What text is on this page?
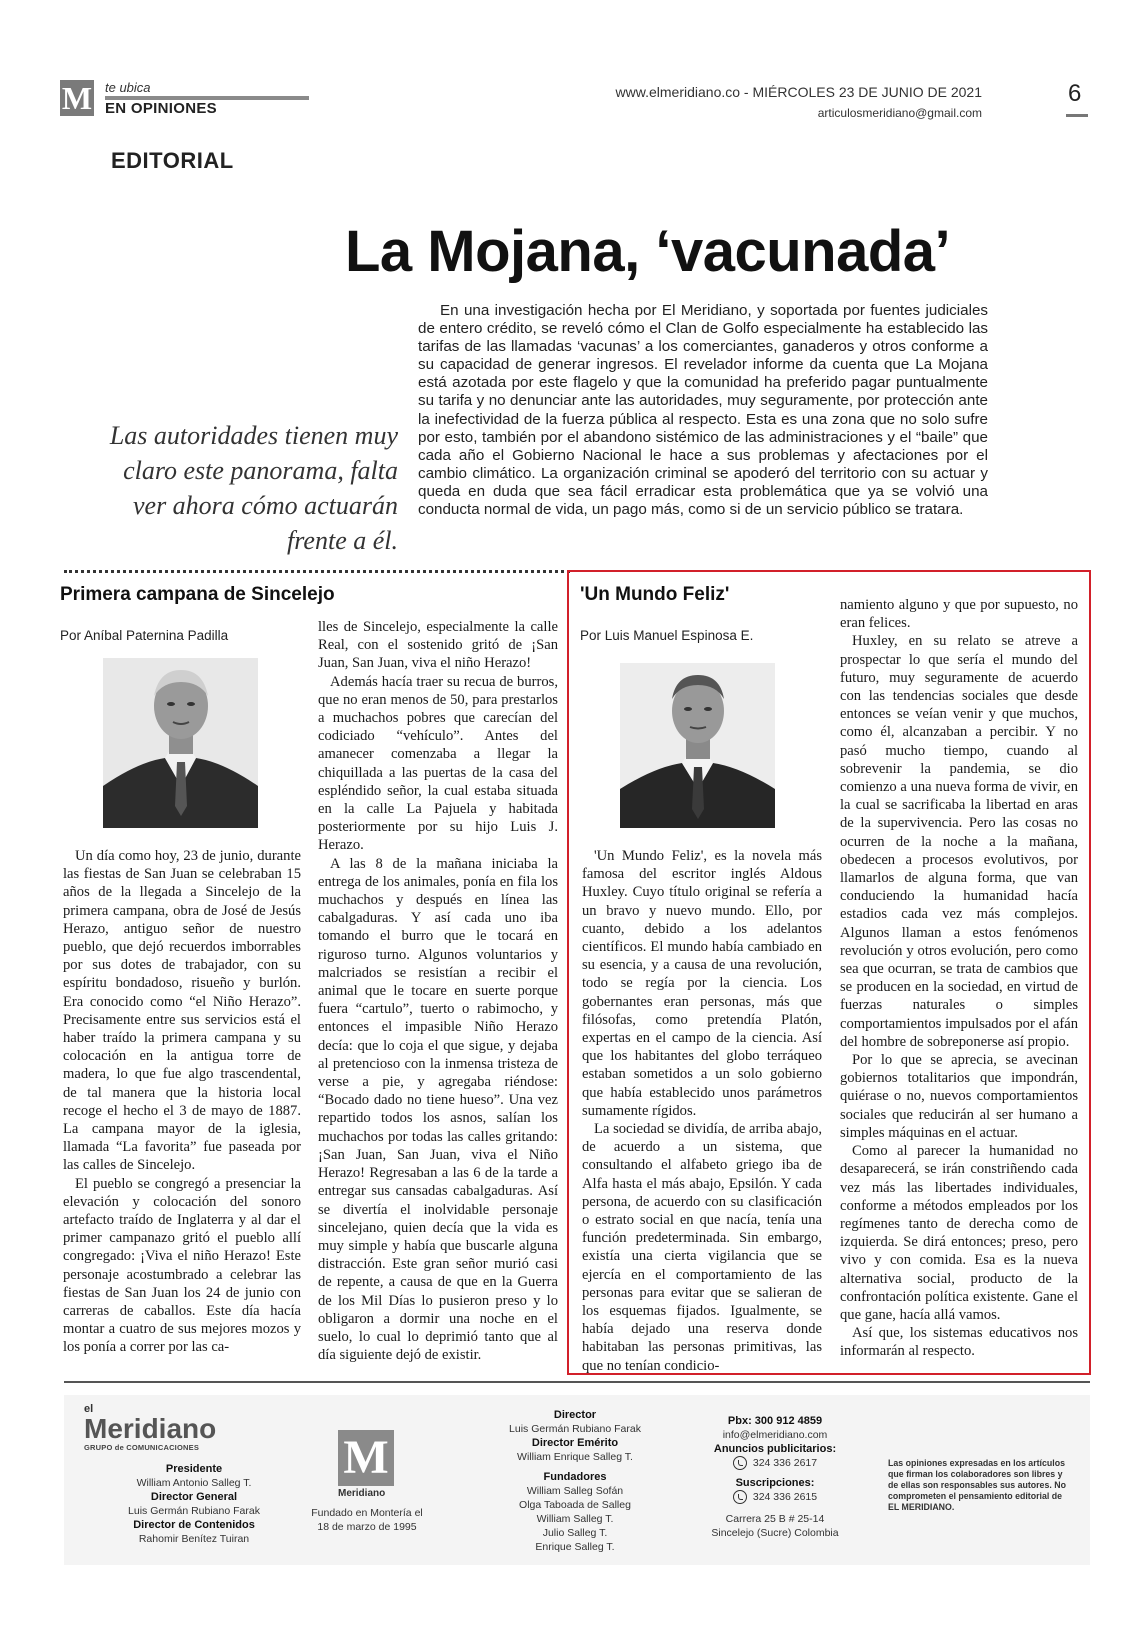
M te ubica
EN OPINIONES
www.elmeridiano.co - MIÉRCOLES 23 DE JUNIO DE 2021
articulosmeridiano@gmail.com
6
EDITORIAL
La Mojana, ‘vacunada’
Las autoridades tienen muy claro este panorama, falta ver ahora cómo actuarán frente a él.
En una investigación hecha por El Meridiano, y soportada por fuentes judiciales de entero crédito, se reveló cómo el Clan de Golfo especialmente ha establecido las tarifas de las llamadas ‘vacunas’ a los comerciantes, ganaderos y otros conforme a su capacidad de generar ingresos. El revelador informe da cuenta que La Mojana está azotada por este flagelo y que la comunidad ha preferido pagar puntualmente su tarifa y no denunciar ante las autoridades, muy seguramente, por protección ante la inefectividad de la fuerza pública al respecto. Esta es una zona que no solo sufre por esto, también por el abandono sistémico de las administraciones y el “baile” que cada año el Gobierno Nacional le hace a sus problemas y afectaciones por el cambio climático. La organización criminal se apoderó del territorio con su actuar y queda en duda que sea fácil erradicar esta problemática que ya se volvió una conducta normal de vida, un pago más, como si de un servicio público se tratara.
Primera campana de Sincelejo
Por Aníbal Paternina Padilla

Un día como hoy, 23 de junio, durante las fiestas de San Juan se celebraban 15 años de la llegada a Sincelejo de la primera campana, obra de José de Jesús Herazo, antiguo señor de nuestro pueblo, que dejó recuerdos imborrables por sus dotes de trabajador, con su espíritu bondadoso, risueño y burlón. Era conocido como “el Niño Herazo”. Precisamente entre sus servicios está el haber traído la primera campana y su colocación en la antigua torre de madera, lo que fue algo trascendental, de tal manera que la historia local recoge el hecho el 3 de mayo de 1887. La campana mayor de la iglesia, llamada “La favorita” fue paseada por las calles de Sincelejo.

El pueblo se congregó a presenciar la elevación y colocación del sonoro artefacto traído de Inglaterra y al dar el primer campanazo gritó el pueblo allí congregado: ¡Viva el niño Herazo! Este personaje acostumbrado a celebrar las fiestas de San Juan los 24 de junio con carreras de caballos. Este día hacía montar a cuatro de sus mejores mozos y los ponía a correr por las ca-

lles de Sincelejo, especialmente la calle Real, con el sostenido gritó de ¡San Juan, San Juan, viva el niño Herazo!

Además hacía traer su recua de burros, que no eran menos de 50, para prestarlos a muchachos pobres que carecían del codiciado “vehículo”. Antes del amanecer comenzaba a llegar la chiquillada a las puertas de la casa del espléndido señor, la cual estaba situada en la calle La Pajuela y habitada posteriormente por su hijo Luis J. Herazo.

A las 8 de la mañana iniciaba la entrega de los animales, ponía en fila los muchachos y después en línea las cabalgaduras. Y así cada uno iba tomando el burro que le tocará en riguroso turno. Algunos voluntarios y malcriados se resistían a recibir el animal que le tocare en suerte porque fuera “cartulo”, tuerto o rabimocho, y entonces el impasible Niño Herazo decía: que lo coja el que sigue, y dejaba al pretencioso con la inmensa tristeza de verse a pie, y agregaba riéndose: “Bocado dado no tiene hueso”. Una vez repartido todos los asnos, salían los muchachos por todas las calles gritando: ¡San Juan, San Juan, viva el Niño Herazo! Regresaban a las 6 de la tarde a entregar sus cansadas cabalgaduras. Así se divertía el inolvidable personaje sincelejano, quien decía que la vida es muy simple y había que buscarle alguna distracción. Este gran señor murió casi de repente, a causa de que en la Guerra de los Mil Días lo pusieron preso y lo obligaron a dormir una noche en el suelo, lo cual lo deprimió tanto que al día siguiente dejó de existir.

'Un Mundo Feliz'
Por Luis Manuel Espinosa E.

'Un Mundo Feliz', es la novela más famosa del escritor inglés Aldous Huxley. Cuyo título original se refería a un bravo y nuevo mundo. Ello, por cuanto, debido a los adelantos científicos. El mundo había cambiado en su esencia, y a causa de una revolución, todo se regía por la ciencia. Los gobernantes eran personas, más que filósofas, como pretendía Platón, expertas en el campo de la ciencia. Así que los habitantes del globo terráqueo estaban sometidos a un solo gobierno que había establecido unos parámetros sumamente rígidos.

La sociedad se dividía, de arriba abajo, de acuerdo a un sistema, que consultando el alfabeto griego iba de Alfa hasta el más abajo, Epsilón. Y cada persona, de acuerdo con su clasificación o estrato social en que nacía, tenía una función predeterminada. Sin embargo, existía una cierta vigilancia que se ejercía en el comportamiento de las personas para evitar que se salieran de los esquemas fijados. Igualmente, se había dejado una reserva donde habitaban las personas primitivas, las que no tenían condicio-

namiento alguno y que por supuesto, no eran felices.

Huxley, en su relato se atreve a prospectar lo que sería el mundo del futuro, muy seguramente de acuerdo con las tendencias sociales que desde entonces se veían venir y que muchos, como él, alcanzaban a percibir. Y no pasó mucho tiempo, cuando al sobrevenir la pandemia, se dio comienzo a una nueva forma de vivir, en la cual se sacrificaba la libertad en aras de la supervivencia. Pero las cosas no ocurren de la noche a la mañana, obedecen a procesos evolutivos, por llamarlos de alguna forma, que van conduciendo la humanidad hacía estadios cada vez más complejos. Algunos llaman a estos fenómenos revolución y otros evolución, pero como sea que ocurran, se trata de cambios que se producen en la sociedad, en virtud de fuerzas naturales o simples comportamientos impulsados por el afán del hombre de sobreponerse así propio.

Por lo que se aprecia, se avecinan gobiernos totalitarios que impondrán, quiérase o no, nuevos comportamientos sociales que reducirán al ser humano a simples máquinas en el actuar.

Como al parecer la humanidad no desaparecerá, se irán constriñendo cada vez más las libertades individuales, conforme a métodos empleados por los regímenes tanto de derecha como de izquierda. Se dirá entonces; preso, pero vivo y con comida. Esa es la nueva alternativa social, producto de la confrontación política existente. Gane el que gane, hacía allá vamos.

Así que, los sistemas educativos nos informarán al respecto.

el
Meridiano
GRUPO de COMUNICACIONES
Presidente
William Antonio Salleg T.
Director General
Luis Germán Rubiano Farak
Director de Contenidos
Rahomir Benítez Tuiran
M
Meridiano
Fundado en Montería el 18 de marzo de 1995
Director
Luis Germán Rubiano Farak
Director Emérito
William Enrique Salleg T.

Fundadores
William Salleg Sofán
Olga Taboada de Salleg
William Salleg T.
Julio Salleg T.
Enrique Salleg T.
Pbx: 300 912 4859
info@elmeridiano.com
Anuncios publicitarios:
324 336 2617

Suscripciones:
324 336 2615

Carrera 25 B # 25-14
Sincelejo (Sucre) Colombia
Las opiniones expresadas en los artículos que firman los colaboradores son libres y de ellas son responsables sus autores. No comprometen el pensamiento editorial de EL MERIDIANO.
